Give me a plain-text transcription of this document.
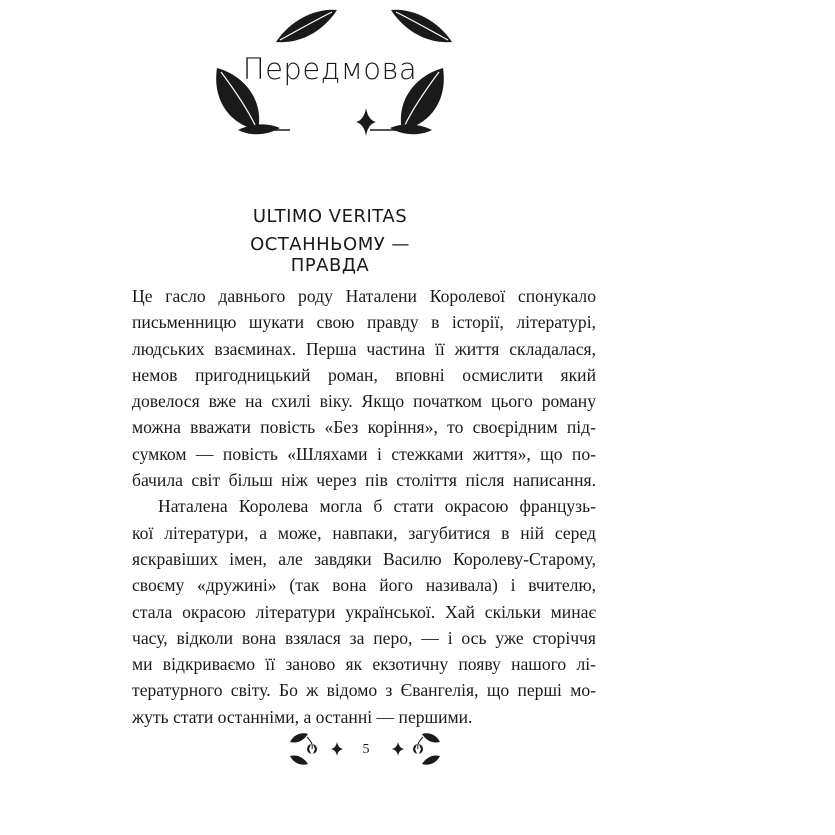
Передмова
ULTIMO VERITAS
ОСТАННЬОМУ — ПРАВДА
Це гасло давнього роду Наталени Королевої спонукало
письменницю шукати свою правду в історії, літературі,
людських взаєминах. Перша частина її життя складалася,
немов пригодницький роман, вповні осмислити який
довелося вже на схилі віку. Якщо початком цього роману
можна вважати повість «Без коріння», то своєрідним під-
сумком — повість «Шляхами і стежками життя», що по-
бачила світ більш ніж через пів століття після написання.
Наталена Королева могла б стати окрасою французь-
кої літератури, а може, навпаки, загубитися в ній серед
яскравіших імен, але завдяки Василю Королеву-Старому,
своєму «дружині» (так вона його називала) і вчителю,
стала окрасою літератури української. Хай скільки минає
часу, відколи вона взялася за перо, — і ось уже сторіччя
ми відкриваємо її заново як екзотичну появу нашого лі-
тературного світу. Бо ж відомо з Євангелія, що перші мо-
жуть стати останніми, а останні — першими.
5
